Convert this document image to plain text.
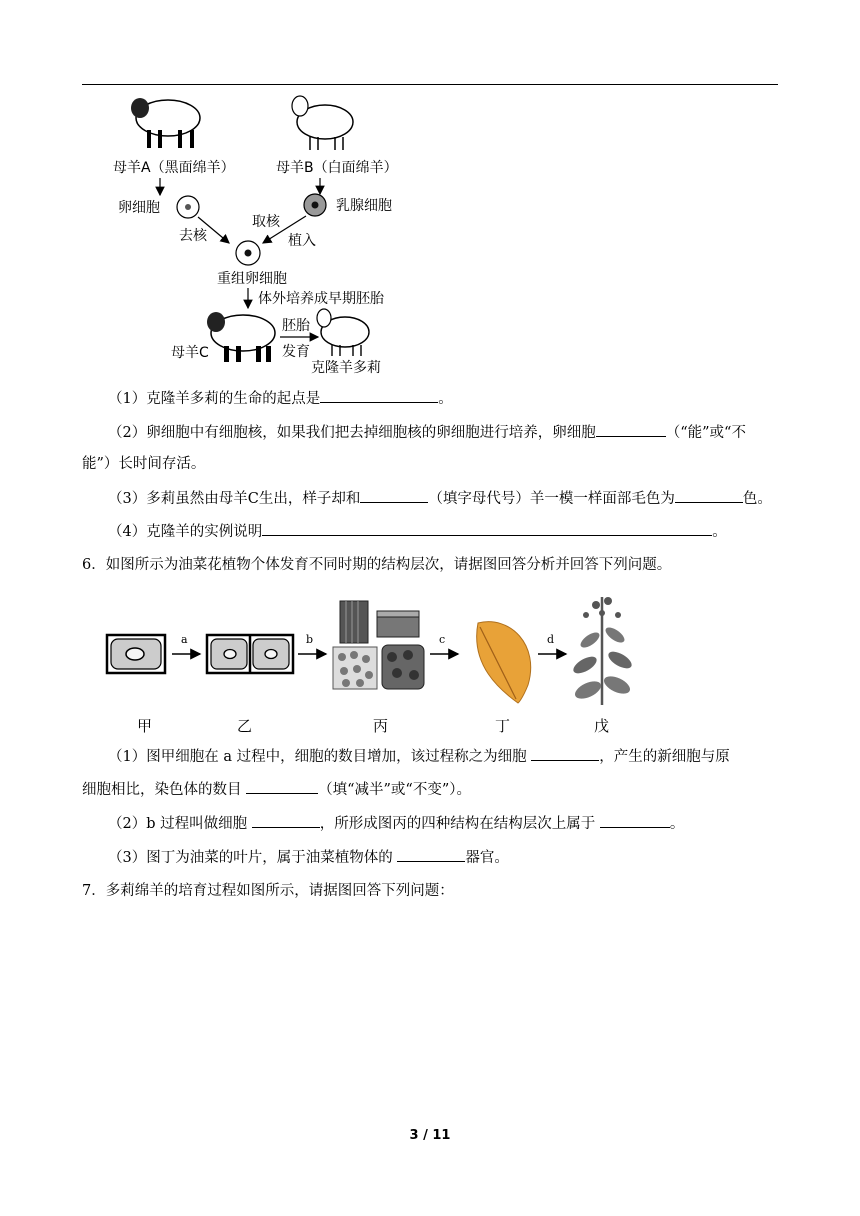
母羊A（黑面绵羊）	母羊B（白面绵羊）
卵细胞	乳腺细胞
去核
取核
植入
重组卵细胞
体外培养成早期胚胎
母羊C
胚胎
发育
克隆羊多莉
（1）克隆羊多莉的生命的起点是	。
（2）卵细胞中有细胞核，如果我们把去掉细胞核的卵细胞进行培养，卵细胞	（“能”或“不
能”）长时间存活。
（3）多莉虽然由母羊C生出，样子却和	（填字母代号）羊一模一样面部毛色为	色。
（4）克隆羊的实例说明	。
6．如图所示为油菜花植物个体发育不同时期的结构层次，请据图回答分析并回答下列问题。
a	b	c	d
甲	乙	丙	丁	戊
（1）图甲细胞在 a 过程中，细胞的数目增加，该过程称之为细胞	，产生的新细胞与原
细胞相比，染色体的数目	（填“减半”或“不变”）。
（2）b 过程叫做细胞	，所形成图丙的四种结构在结构层次上属于	。
（3）图丁为油菜的叶片，属于油菜植物体的	器官。
7．多莉绵羊的培育过程如图所示，请据图回答下列问题：
3 / 11
